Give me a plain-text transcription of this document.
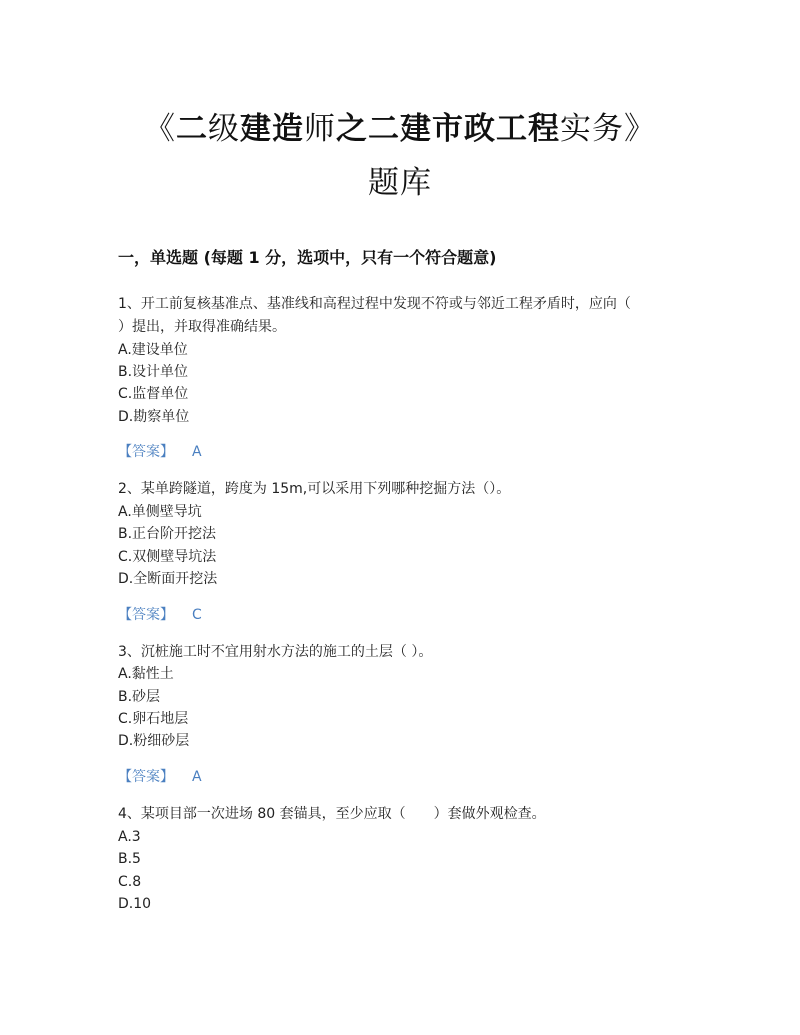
《二级建造师之二建市政工程实务》
题库
一，单选题 (每题 1 分，选项中，只有一个符合题意)
1、开工前复核基准点、基准线和高程过程中发现不符或与邻近工程矛盾时，应向（
）提出，并取得准确结果。
A.建设单位
B.设计单位
C.监督单位
D.勘察单位
【答案】 A
2、某单跨隧道，跨度为 15m,可以采用下列哪种挖掘方法（）。
A.单侧壁导坑
B.正台阶开挖法
C.双侧壁导坑法
D.全断面开挖法
【答案】 C
3、沉桩施工时不宜用射水方法的施工的土层（ ）。
A.黏性土
B.砂层
C.卵石地层
D.粉细砂层
【答案】 A
4、某项目部一次进场 80 套锚具，至少应取（　　）套做外观检查。
A.3
B.5
C.8
D.10
